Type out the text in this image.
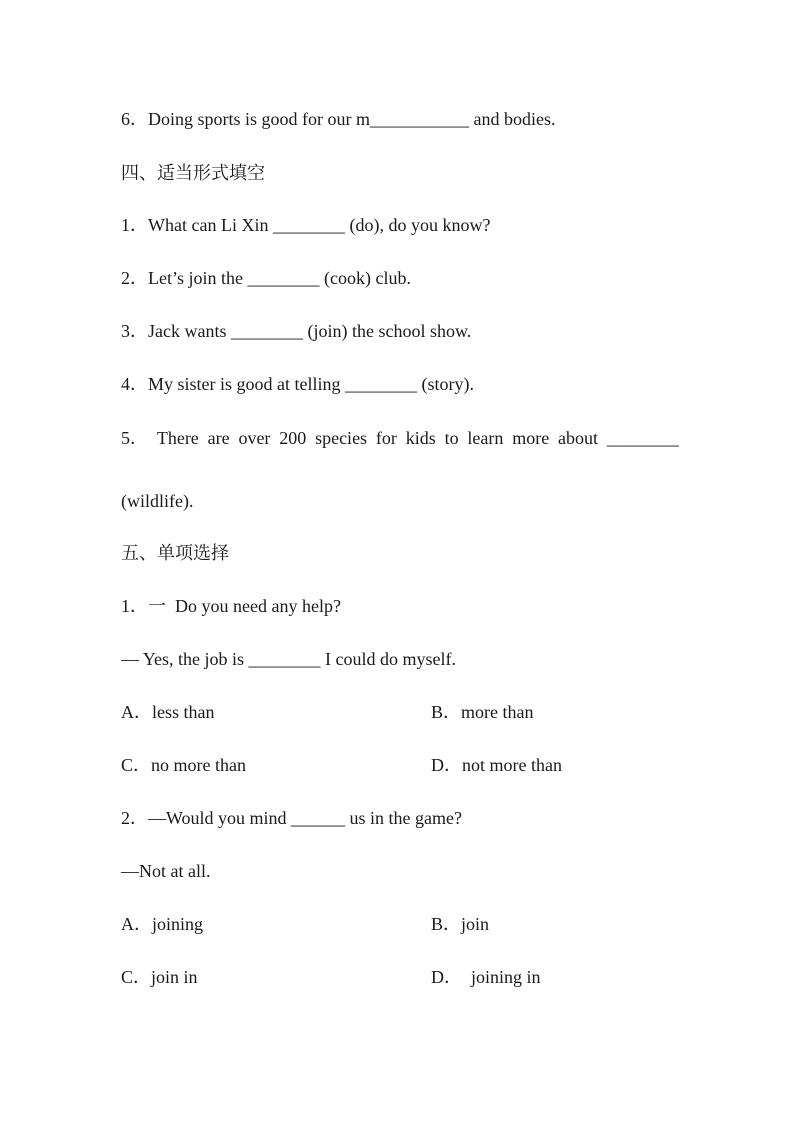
6．Doing sports is good for our m___________ and bodies.
四、适当形式填空
1．What can Li Xin ________ (do), do you know?
2．Let’s join the ________ (cook) club.
3．Jack wants ________ (join) the school show.
4．My sister is good at telling ________ (story).
5． There are over 200 species for kids to learn more about ________
(wildlife).
五、单项选择
1．一  Do you need any help?
— Yes, the job is ________ I could do myself.
A．less than	B．more than
C．no more than	D．not more than
2．—Would you mind ______ us in the game?
—Not at all.
A．joining	B．join
C．join in	D．  joining in
